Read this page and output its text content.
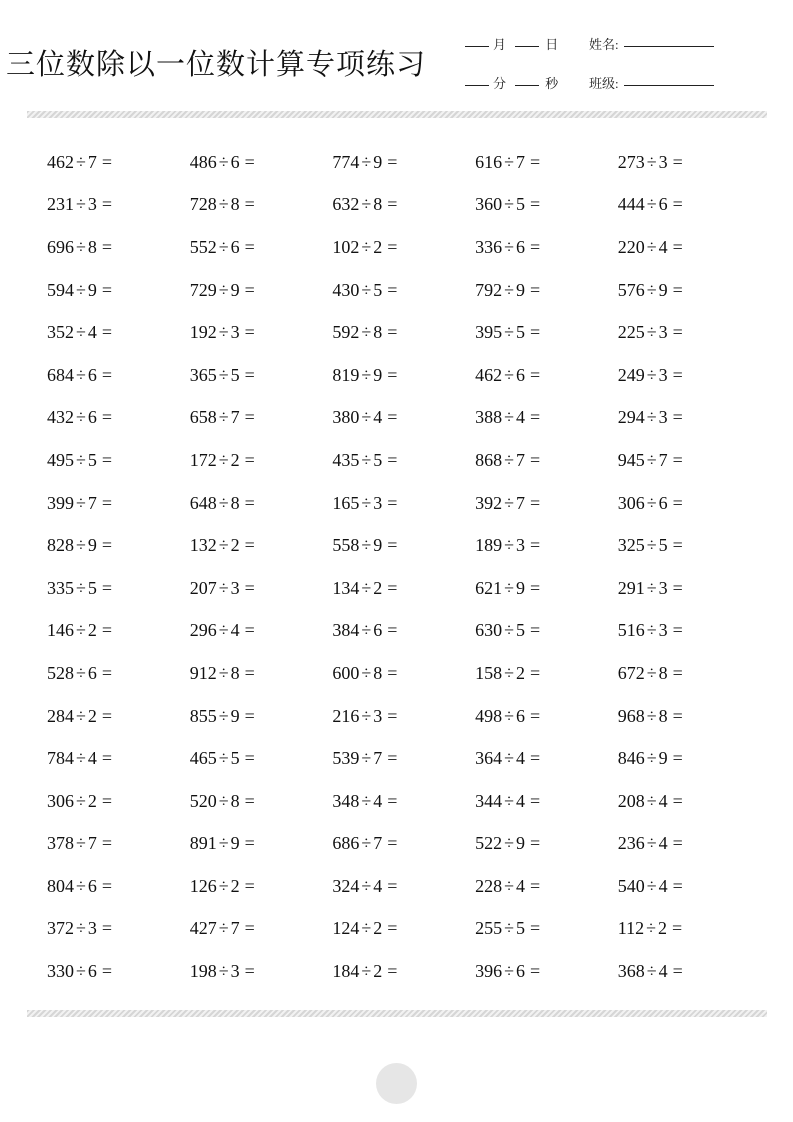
三位数除以一位数计算专项练习
月	日
分	秒
姓名:
班级:
462 ÷ 7 =	486 ÷ 6 =	774 ÷ 9 =	616 ÷ 7 =	273 ÷ 3 =
231 ÷ 3 =	728 ÷ 8 =	632 ÷ 8 =	360 ÷ 5 =	444 ÷ 6 =
696 ÷ 8 =	552 ÷ 6 =	102 ÷ 2 =	336 ÷ 6 =	220 ÷ 4 =
594 ÷ 9 =	729 ÷ 9 =	430 ÷ 5 =	792 ÷ 9 =	576 ÷ 9 =
352 ÷ 4 =	192 ÷ 3 =	592 ÷ 8 =	395 ÷ 5 =	225 ÷ 3 =
684 ÷ 6 =	365 ÷ 5 =	819 ÷ 9 =	462 ÷ 6 =	249 ÷ 3 =
432 ÷ 6 =	658 ÷ 7 =	380 ÷ 4 =	388 ÷ 4 =	294 ÷ 3 =
495 ÷ 5 =	172 ÷ 2 =	435 ÷ 5 =	868 ÷ 7 =	945 ÷ 7 =
399 ÷ 7 =	648 ÷ 8 =	165 ÷ 3 =	392 ÷ 7 =	306 ÷ 6 =
828 ÷ 9 =	132 ÷ 2 =	558 ÷ 9 =	189 ÷ 3 =	325 ÷ 5 =
335 ÷ 5 =	207 ÷ 3 =	134 ÷ 2 =	621 ÷ 9 =	291 ÷ 3 =
146 ÷ 2 =	296 ÷ 4 =	384 ÷ 6 =	630 ÷ 5 =	516 ÷ 3 =
528 ÷ 6 =	912 ÷ 8 =	600 ÷ 8 =	158 ÷ 2 =	672 ÷ 8 =
284 ÷ 2 =	855 ÷ 9 =	216 ÷ 3 =	498 ÷ 6 =	968 ÷ 8 =
784 ÷ 4 =	465 ÷ 5 =	539 ÷ 7 =	364 ÷ 4 =	846 ÷ 9 =
306 ÷ 2 =	520 ÷ 8 =	348 ÷ 4 =	344 ÷ 4 =	208 ÷ 4 =
378 ÷ 7 =	891 ÷ 9 =	686 ÷ 7 =	522 ÷ 9 =	236 ÷ 4 =
804 ÷ 6 =	126 ÷ 2 =	324 ÷ 4 =	228 ÷ 4 =	540 ÷ 4 =
372 ÷ 3 =	427 ÷ 7 =	124 ÷ 2 =	255 ÷ 5 =	112 ÷ 2 =
330 ÷ 6 =	198 ÷ 3 =	184 ÷ 2 =	396 ÷ 6 =	368 ÷ 4 =
